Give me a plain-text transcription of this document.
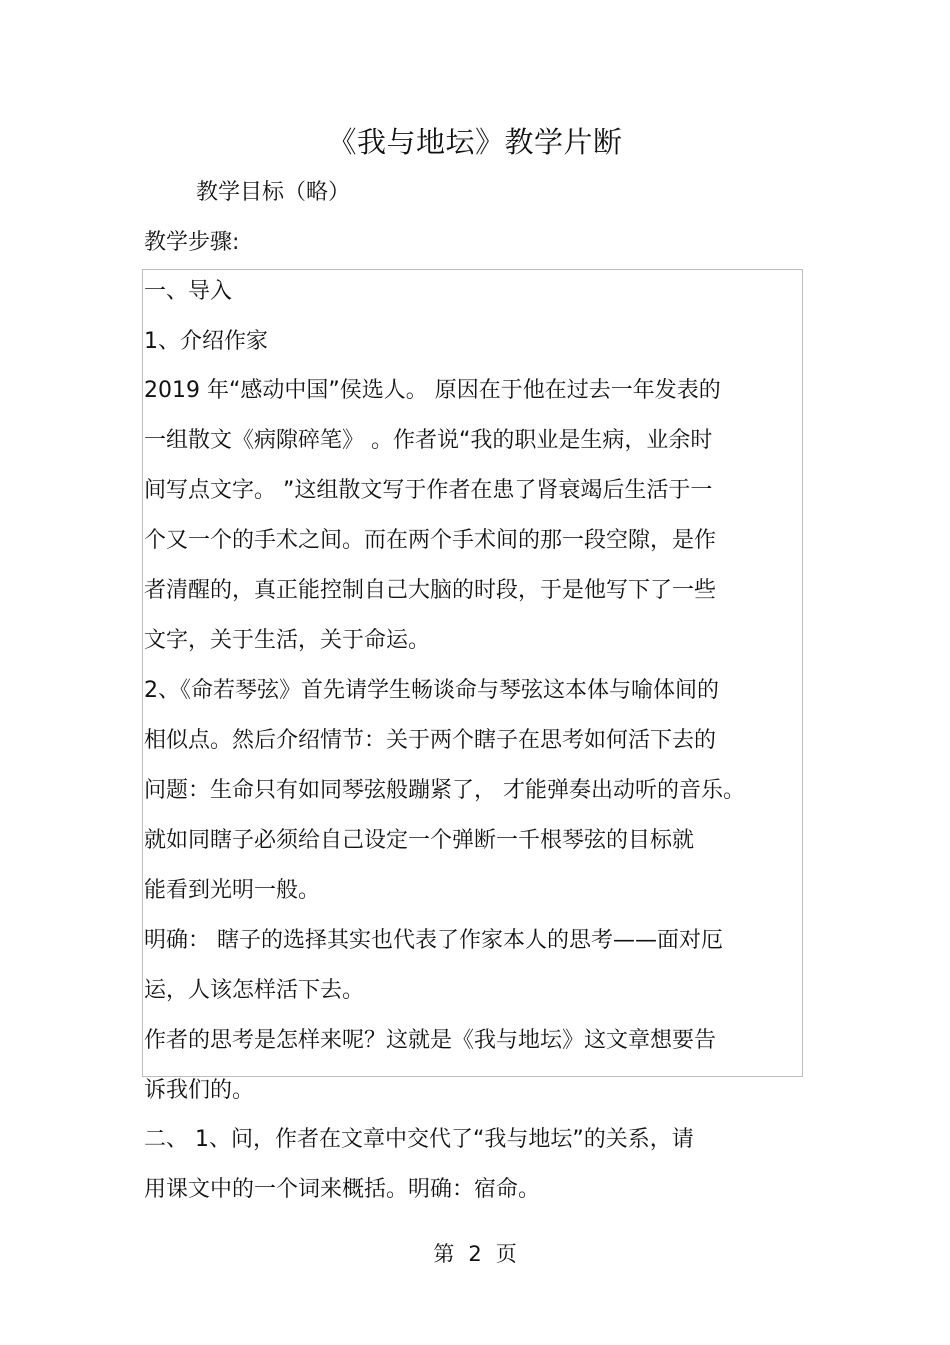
《我与地坛》教学片断
教学目标（略）
教学步骤:
一、导入
1、介绍作家
2019 年“感动中国”侯选人。 原因在于他在过去一年发表的
一组散文《病隙碎笔》 。作者说“我的职业是生病，业余时
间写点文字。 ”这组散文写于作者在患了肾衰竭后生活于一
个又一个的手术之间。而在两个手术间的那一段空隙，是作
者清醒的，真正能控制自己大脑的时段，于是他写下了一些
文字，关于生活，关于命运。
2、《命若琴弦》首先请学生畅谈命与琴弦这本体与喻体间的
相似点。然后介绍情节：关于两个瞎子在思考如何活下去的
问题：生命只有如同琴弦般蹦紧了， 才能弹奏出动听的音乐。
就如同瞎子必须给自己设定一个弹断一千根琴弦的目标就
能看到光明一般。
明确： 瞎子的选择其实也代表了作家本人的思考——面对厄
运，人该怎样活下去。
作者的思考是怎样来呢？这就是《我与地坛》这文章想要告
诉我们的。
二、 1、问，作者在文章中交代了“我与地坛”的关系，请
用课文中的一个词来概括。明确：宿命。
第 2 页
